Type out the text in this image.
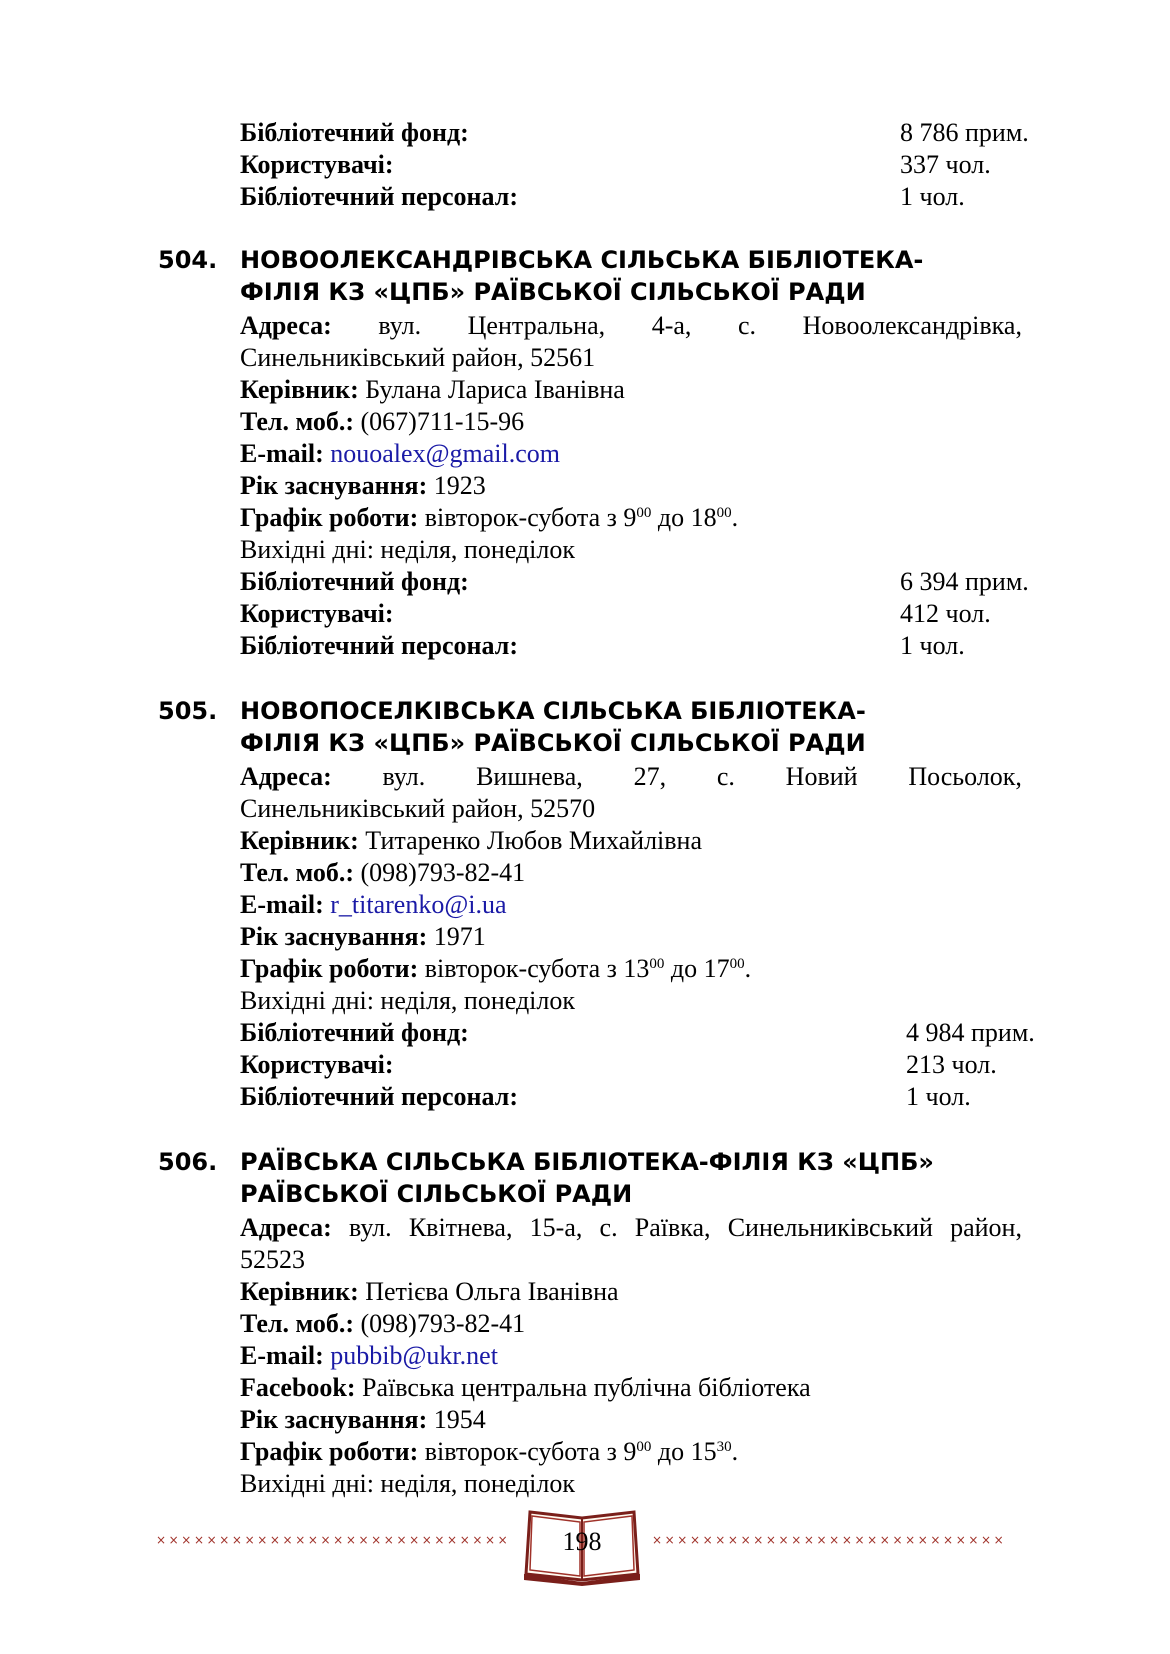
Бібліотечний фонд:	8 786 прим.
Користувачі:	337 чол.
Бібліотечний персонал:	1 чол.
504. НОВООЛЕКСАНДРІВСЬКА СІЛЬСЬКА БІБЛІОТЕКА-
ФІЛІЯ КЗ «ЦПБ» РАЇВСЬКОЇ СІЛЬСЬКОЇ РАДИ
Адреса: вул. Центральна, 4-а, с. Новоолександрівка,
Синельниківський район, 52561
Керівник: Булана Лариса Іванівна
Тел. моб.: (067)711-15-96
E-mail: nouoalex@gmail.com
Рік заснування: 1923
Графік роботи: вівторок-субота з $9^{00}$ до $18^{00}$.
Вихідні дні: неділя, понеділок
Бібліотечний фонд:	6 394 прим.
Користувачі:	412 чол.
Бібліотечний персонал:	1 чол.
505. НОВОПОСЕЛКІВСЬКА СІЛЬСЬКА БІБЛІОТЕКА-
ФІЛІЯ КЗ «ЦПБ» РАЇВСЬКОЇ СІЛЬСЬКОЇ РАДИ
Адреса: вул. Вишнева, 27, с. Новий Посьолок,
Синельниківський район, 52570
Керівник: Титаренко Любов Михайлівна
Тел. моб.: (098)793-82-41
E-mail: r_titarenko@i.ua
Рік заснування: 1971
Графік роботи: вівторок-субота з $13^{00}$ до $17^{00}$.
Вихідні дні: неділя, понеділок
Бібліотечний фонд:	4 984 прим.
Користувачі:	213 чол.
Бібліотечний персонал:	1 чол.
506. РАЇВСЬКА СІЛЬСЬКА БІБЛІОТЕКА-ФІЛІЯ КЗ «ЦПБ»
РАЇВСЬКОЇ СІЛЬСЬКОЇ РАДИ
Адреса: вул. Квітнева, 15-а, с. Раївка, Синельниківський район,
52523
Керівник: Петієва Ольга Іванівна
Тел. моб.: (098)793-82-41
E-mail: pubbib@ukr.net
Facebook: Раївська центральна публічна бібліотека
Рік заснування: 1954
Графік роботи: вівторок-субота з $9^{00}$ до $15^{30}$.
Вихідні дні: неділя, понеділок
××××××××××××××××××××××××××××	××××××××××××××××××××××××××××
198
